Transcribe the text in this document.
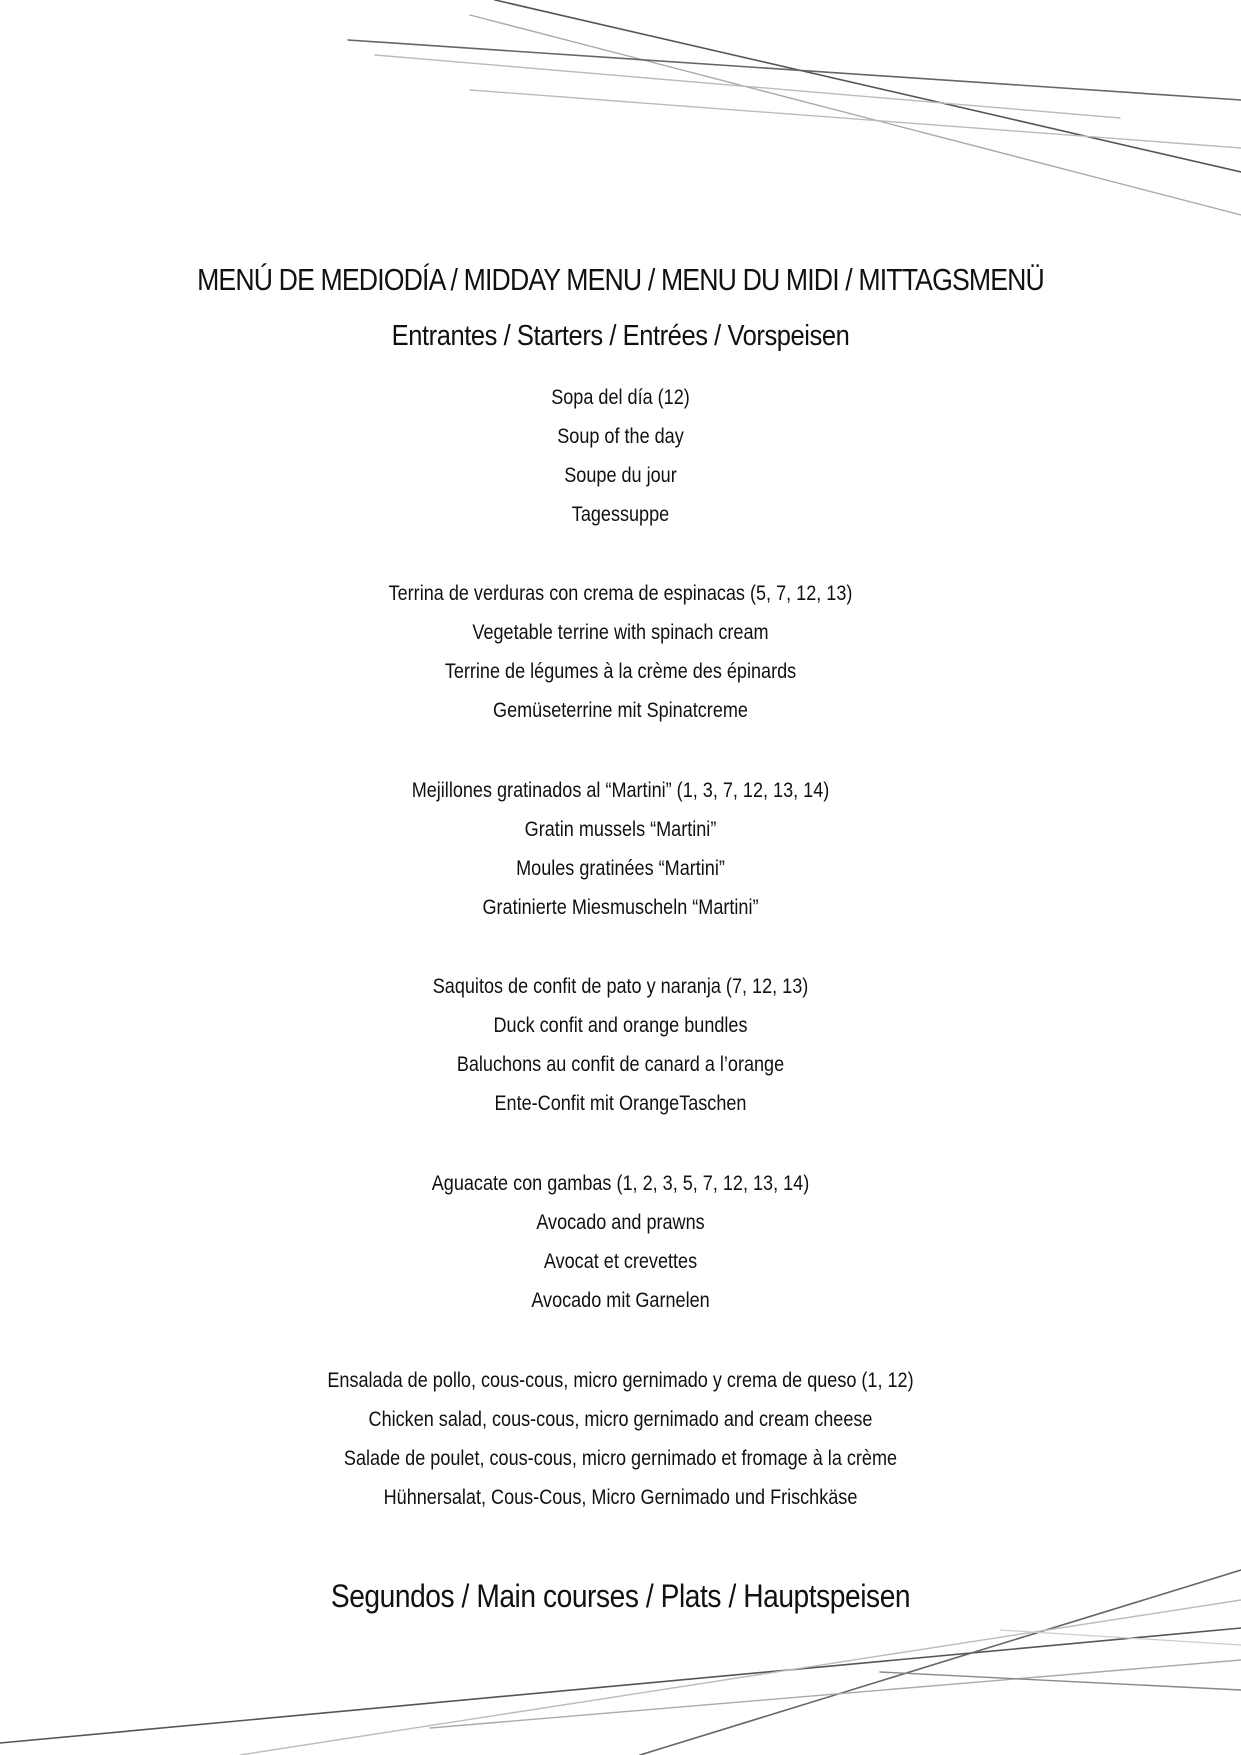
MENÚ DE MEDIODÍA / MIDDAY MENU / MENU DU MIDI / MITTAGSMENÜ
Entrantes / Starters / Entrées / Vorspeisen
Sopa del día (12)
Soup of the day
Soupe du jour
Tagessuppe
Terrina de verduras con crema de espinacas (5, 7, 12, 13)
Vegetable terrine with spinach cream
Terrine de légumes à la crème des épinards
Gemüseterrine mit Spinatcreme
Mejillones gratinados al “Martini” (1, 3, 7, 12, 13, 14)
Gratin mussels “Martini”
Moules gratinées “Martini”
Gratinierte Miesmuscheln “Martini”
Saquitos de confit de pato y naranja (7, 12, 13)
Duck confit and orange bundles
Baluchons au confit de canard a l’orange
Ente-Confit mit OrangeTaschen
Aguacate con gambas (1, 2, 3, 5, 7, 12, 13, 14)
Avocado and prawns
Avocat et crevettes
Avocado mit Garnelen
Ensalada de pollo, cous-cous, micro gernimado y crema de queso (1, 12)
Chicken salad, cous-cous, micro gernimado and cream cheese
Salade de poulet, cous-cous, micro gernimado et fromage à la crème
Hühnersalat, Cous-Cous, Micro Gernimado und Frischkäse
Segundos / Main courses / Plats / Hauptspeisen
